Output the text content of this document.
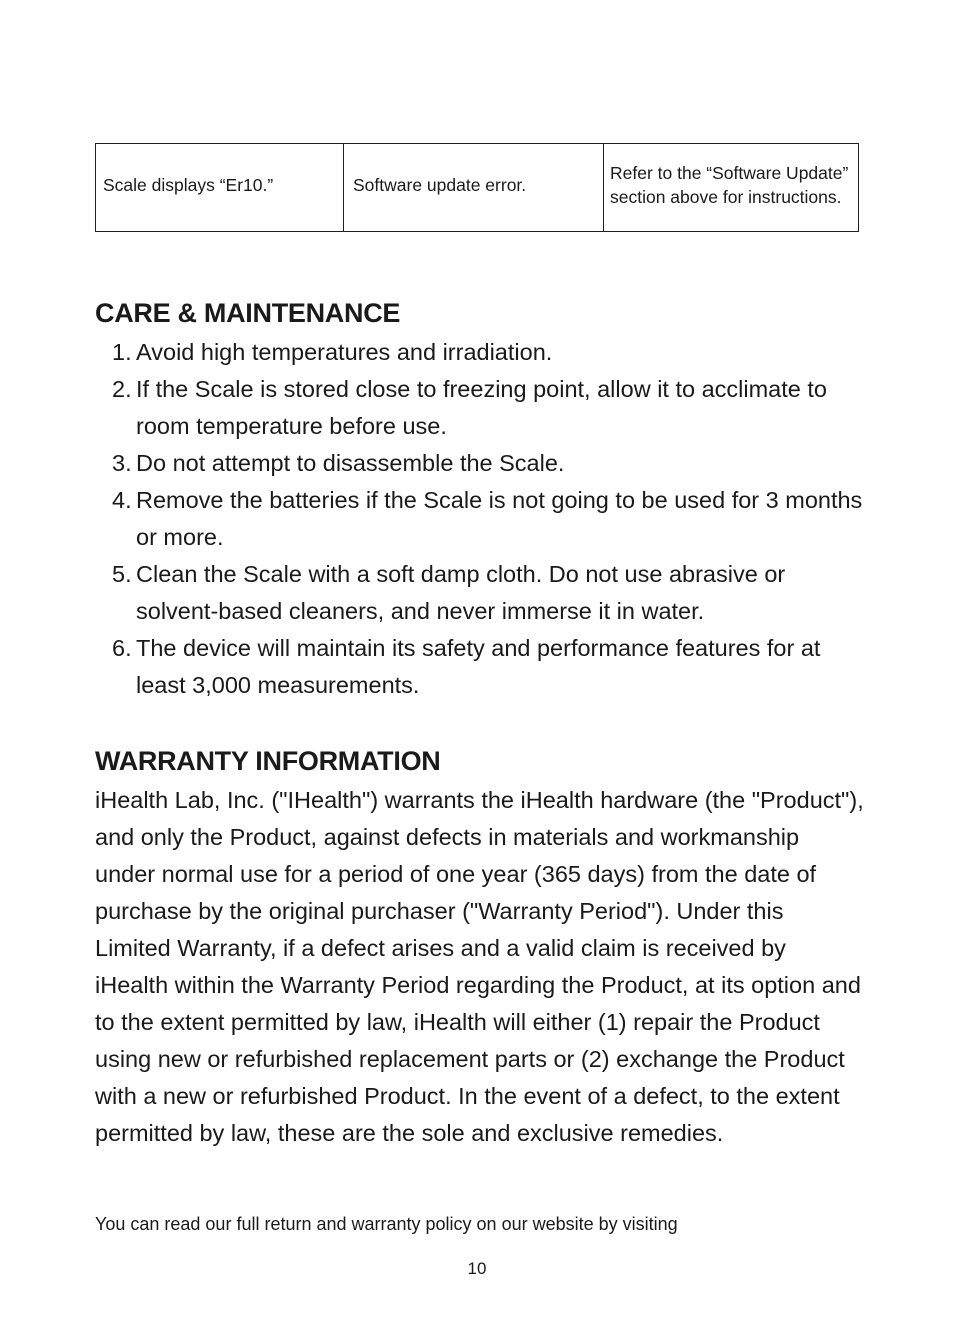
Scale displays “Er10.”	Software update error.	Refer to the “Software Update” section above for instructions.
CARE & MAINTENANCE
1. Avoid high temperatures and irradiation.
2. If the Scale is stored close to freezing point, allow it to acclimate to room temperature before use.
3. Do not attempt to disassemble the Scale.
4. Remove the batteries if the Scale is not going to be used for 3 months or more.
5. Clean the Scale with a soft damp cloth. Do not use abrasive or solvent-based cleaners, and never immerse it in water.
6. The device will maintain its safety and performance features for at least 3,000 measurements.
WARRANTY INFORMATION

iHealth Lab, Inc. ("IHealth") warrants the iHealth hardware (the "Product"), and only the Product, against defects in materials and workmanship under normal use for a period of one year (365 days) from the date of purchase by the original purchaser ("Warranty Period"). Under this Limited Warranty, if a defect arises and a valid claim is received by iHealth within the Warranty Period regarding the Product, at its option and to the extent permitted by law, iHealth will either (1) repair the Product using new or refurbished replacement parts or (2) exchange the Product with a new or refurbished Product. In the event of a defect, to the extent permitted by law, these are the sole and exclusive remedies.

You can read our full return and warranty policy on our website by visiting

10
